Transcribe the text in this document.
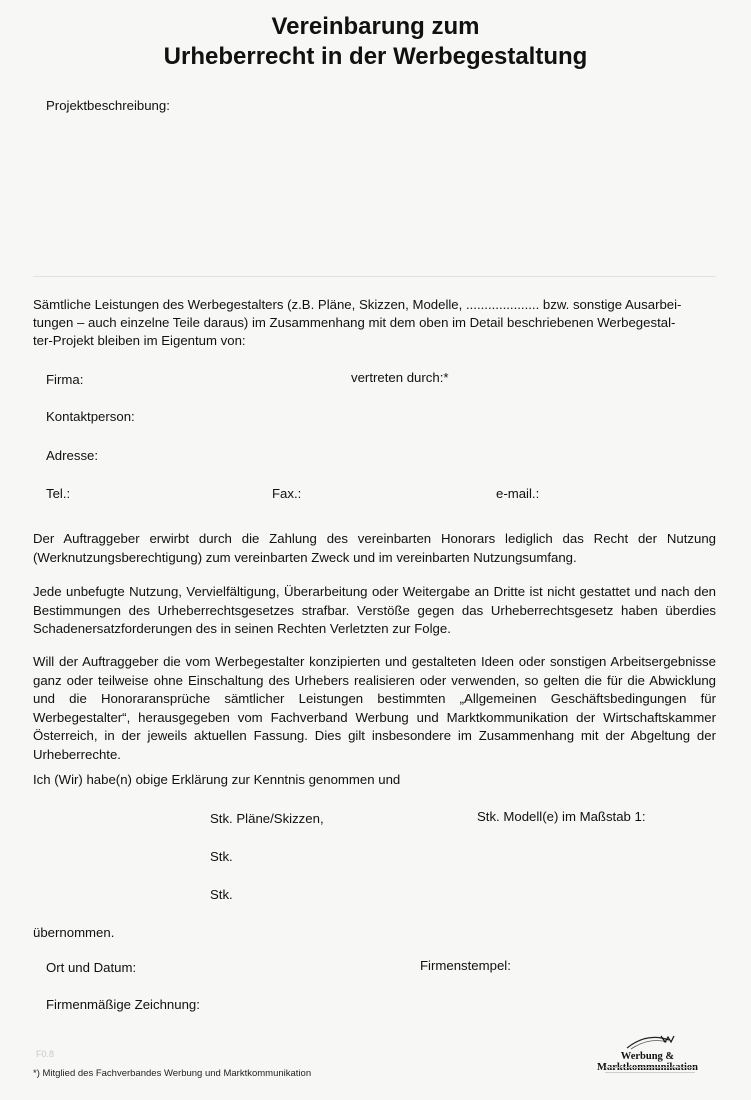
Vereinbarung zum
Urheberrecht in der Werbegestaltung
Projektbeschreibung:
Sämtliche Leistungen des Werbegestalters (z.B. Pläne, Skizzen, Modelle, .................... bzw. sonstige Ausarbei-
tungen – auch einzelne Teile daraus) im Zusammenhang mit dem oben im Detail beschriebenen Werbegestal-
ter-Projekt bleiben im Eigentum von:
Firma:	vertreten durch:*
Kontaktperson:
Adresse:
Tel.:	Fax.:	e-mail.:
Der Auftraggeber erwirbt durch die Zahlung des vereinbarten Honorars lediglich das Recht der Nutzung (Werknutzungsberechtigung) zum vereinbarten Zweck und im vereinbarten Nutzungsumfang.
Jede unbefugte Nutzung, Vervielfältigung, Überarbeitung oder Weitergabe an Dritte ist nicht gestattet und nach den Bestimmungen des Urheberrechtsgesetzes strafbar. Verstöße gegen das Urheberrechtsgesetz haben überdies Schadenersatzforderungen des in seinen Rechten Verletzten zur Folge.
Will der Auftraggeber die vom Werbegestalter konzipierten und gestalteten Ideen oder sonstigen Arbeitsergebnisse ganz oder teilweise ohne Einschaltung des Urhebers realisieren oder verwenden, so gelten die für die Abwicklung und die Honoraransprüche sämtlicher Leistungen bestimmten „Allgemeinen Geschäftsbedingungen für Werbegestalter“, herausgegeben vom Fachverband Werbung und Marktkommunikation der Wirtschaftskammer Österreich, in der jeweils aktuellen Fassung. Dies gilt insbesondere im Zusammenhang mit der Abgeltung der Urheberrechte.
Ich (Wir) habe(n) obige Erklärung zur Kenntnis genommen und
Stk. Pläne/Skizzen,	Stk. Modell(e) im Maßstab 1:
Stk.
Stk.
übernommen.
Ort und Datum:	Firmenstempel:
Firmenmäßige Zeichnung:
F0.8	Werbung & Marktkommunikation
*) Mitglied des Fachverbandes Werbung und Marktkommunikation
